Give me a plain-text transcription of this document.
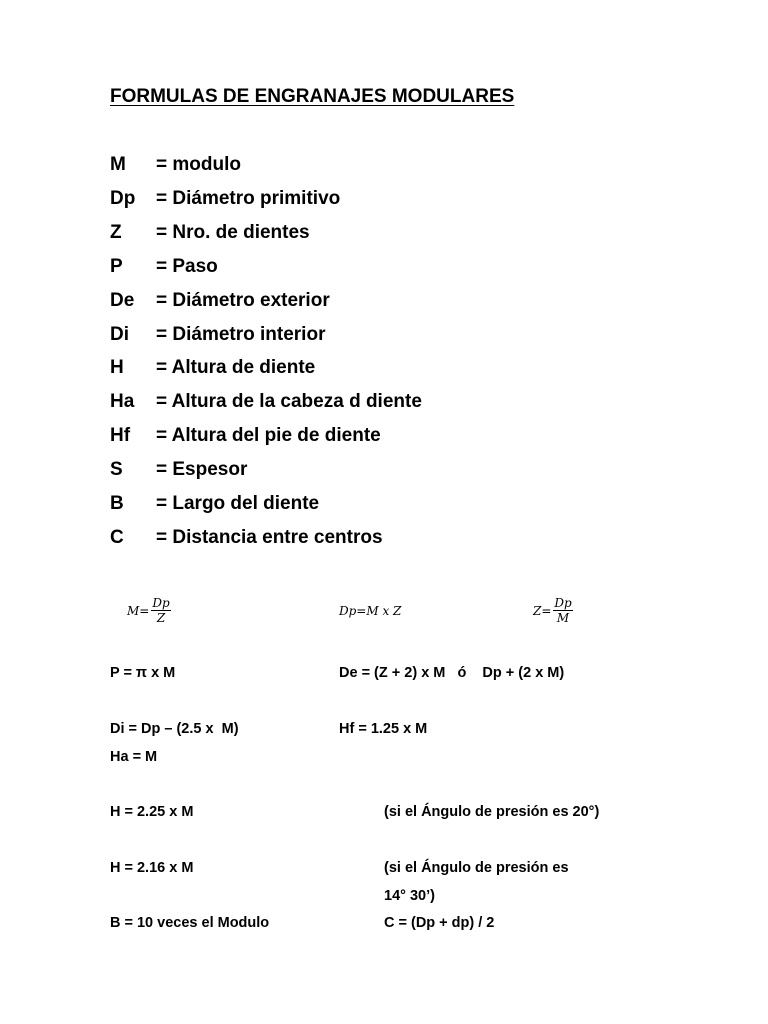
FORMULAS DE ENGRANAJES MODULARES
M = modulo
Dp = Diámetro primitivo
Z = Nro. de dientes
P = Paso
De = Diámetro exterior
Di = Diámetro interior
H = Altura de diente
Ha = Altura de la cabeza d diente
Hf = Altura del pie de diente
S = Espesor
B = Largo del diente
C = Distancia entre centros
$M= \frac{Dp}{Z}$	Dp=M x Z	$Z= \frac{Dp}{M}$
P = π x M	De = (Z + 2) x M   ó    Dp + (2 x M)
Di = Dp – (2.5 x  M)	Hf = 1.25 x M
Ha = M
H = 2.25 x M	(si el Ángulo de presión es 20°)
H = 2.16 x M	(si el Ángulo de presión es
14° 30’)
B = 10 veces el Modulo	C = (Dp + dp) / 2
